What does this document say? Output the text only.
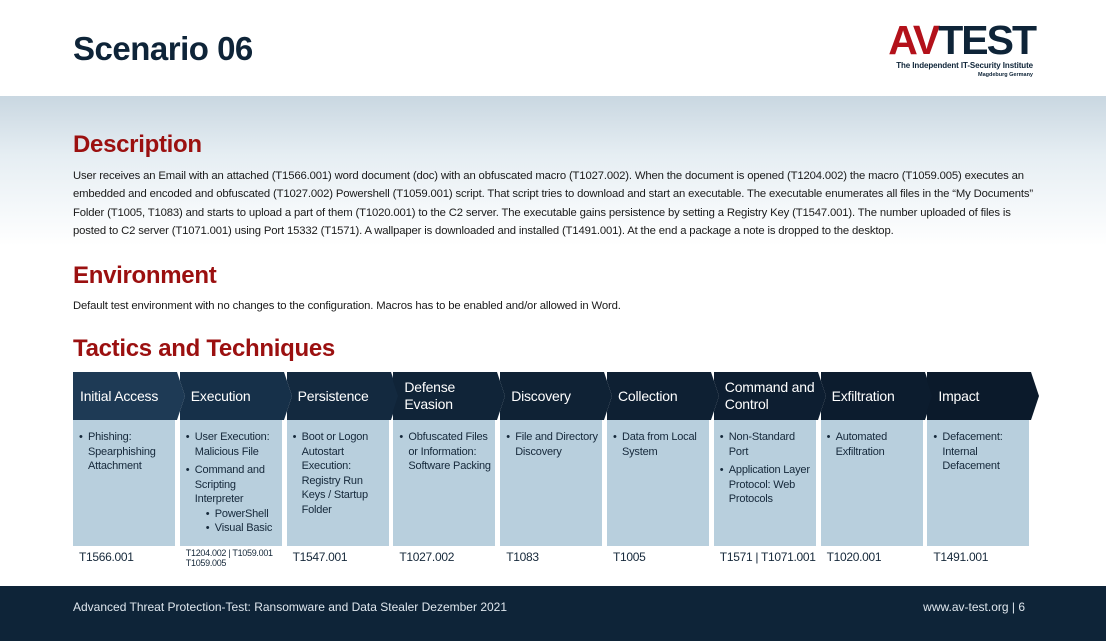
Scenario 06	AVTEST
The Independent IT-Security Institute
Magdeburg Germany
Description

User receives an Email with an attached (T1566.001) word document (doc) with an obfuscated macro (T1027.002). When the document is opened (T1204.002) the macro (T1059.005) executes an embedded and encoded and obfuscated (T1027.002) Powershell (T1059.001) script. That script tries to download and start an executable. The executable enumerates all files in the “My Documents” Folder (T1005, T1083) and starts to upload a part of them (T1020.001) to the C2 server. The executable gains persistence by setting a Registry Key (T1547.001). The number uploaded of files is posted to C2 server (T1071.001) using Port 15332 (T1571). A wallpaper is downloaded and installed (T1491.001). At the end a package a note is dropped to the desktop.

Environment

Default test environment with no changes to the configuration. Macros has to be enabled and/or allowed in Word.

Tactics and Techniques
Initial Access
• Phishing: Spearphishing Attachment
T1566.001
Execution
• User Execution: Malicious File
• Command and Scripting Interpreter
• PowerShell
• Visual Basic
T1204.002 | T1059.001 T1059.005
Persistence
• Boot or Logon Autostart Execution: Registry Run Keys / Startup Folder
T1547.001
Defense Evasion
• Obfuscated Files or Information: Software Packing
T1027.002
Discovery
• File and Directory Discovery
T1083
Collection
• Data from Local System
T1005
Command and Control
• Non-Standard Port
• Application Layer Protocol: Web Protocols
T1571 | T1071.001
Exfiltration
• Automated Exfiltration
T1020.001
Impact
• Defacement: Internal Defacement
T1491.001
Advanced Threat Protection-Test: Ransomware and Data Stealer Dezember 2021	www.av-test.org | 6
